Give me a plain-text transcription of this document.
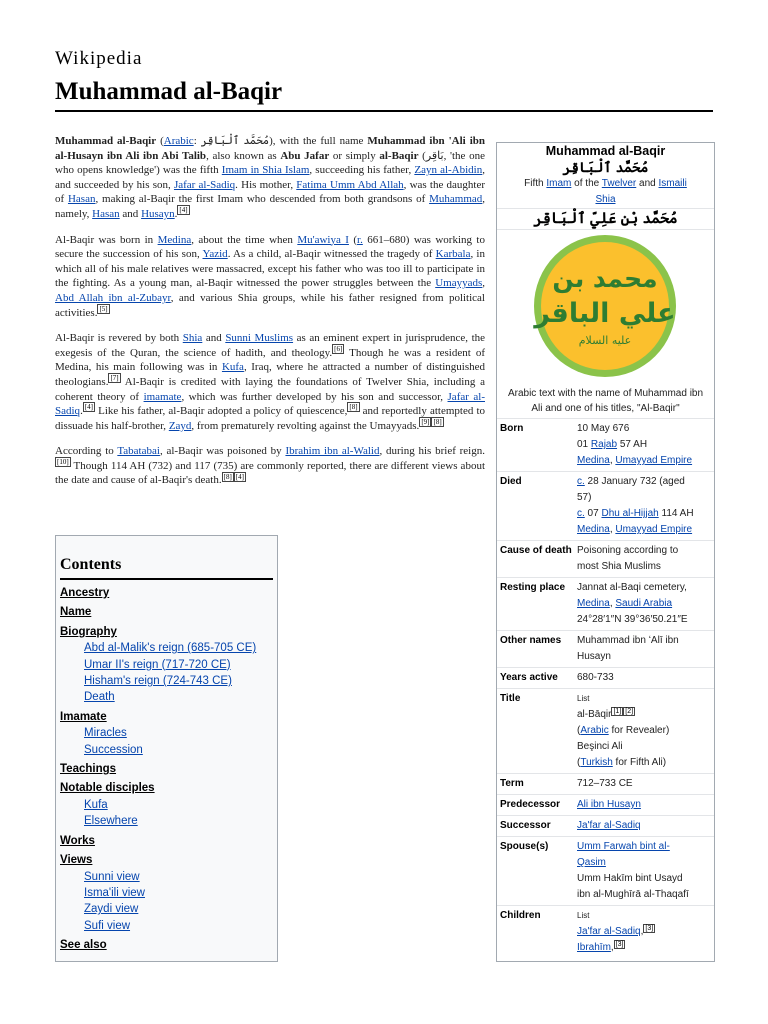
Wikipedia
Muhammad al-Baqir

Muhammad al-Baqir (Arabic: مُحَمَّد ٱلْبَاقِر), with the full name Muhammad ibn 'Ali ibn al-Husayn ibn Ali ibn Abi Talib, also known as Abu Jafar or simply al-Baqir (بَاقِر, 'the one who opens knowledge') was the fifth Imam in Shia Islam, succeeding his father, Zayn al-Abidin, and succeeded by his son, Jafar al-Sadiq. His mother, Fatima Umm Abd Allah, was the daughter of Hasan, making al-Baqir the first Imam who descended from both grandsons of Muhammad, namely, Hasan and Husayn. [4]

Al-Baqir was born in Medina, about the time when Mu'awiya I (r. 661–680) was working to secure the succession of his son, Yazid. As a child, al-Baqir witnessed the tragedy of Karbala, in which all of his male relatives were massacred, except his father who was too ill to participate in the fighting. As a young man, al-Baqir witnessed the power struggles between the Umayyads, Abd Allah ibn al-Zubayr, and various Shia groups, while his father resigned from political activities. [5]

Al-Baqir is revered by both Shia and Sunni Muslims as an eminent expert in jurisprudence, the exegesis of the Quran, the science of hadith, and theology. [6] Though he was a resident of Medina, his main following was in Kufa, Iraq, where he attracted a number of distinguished theologians. [7] Al-Baqir is credited with laying the foundations of Twelver Shia, including a coherent theory of imamate, which was further developed by his son and successor, Jafar al-Sadiq. [4] Like his father, al-Baqir adopted a policy of quiescence, [8] and reportedly attempted to dissuade his half-brother, Zayd, from prematurely revolting against the Umayyads. [9] [8]

According to Tabatabai, al-Baqir was poisoned by Ibrahim ibn al-Walid, during his brief reign.[10] Though 114 AH (732) and 117 (735) are commonly reported, there are different views about the date and cause of al-Baqir's death. [8] [4]

Contents
Ancestry
Name
Biography
Abd al-Malik's reign (685-705 CE)
Umar II's reign (717-720 CE)
Hisham's reign (724-743 CE)
Death
Imamate
Miracles
Succession
Teachings
Notable disciples
Kufa
Elsewhere
Works
Views
Sunni view
Isma'ili view
Zaydi view
Sufi view
See also
Muhammad al-Baqir
مُحَمَّد ٱلْبَاقِر
Fifth Imam of the Twelver and Ismaili
Shia
مُحَمَّد بْن عَلِيّ ٱلْبَاقِر
محمد بن
علي الباقر
عليه السلام
Arabic text with the name of Muhammad ibn Ali and one of his titles, "Al-Baqir"
Born	10 May 676
01 Rajab 57 AH
Medina, Umayyad Empire
Died	c. 28 January 732 (aged
57)
c. 07 Dhu al-Hijjah 114 AH
Medina, Umayyad Empire
Cause of death Poisoning according to
most Shia Muslims
Resting place	Jannat al-Baqi cemetery,
Medina, Saudi Arabia
24°28′1″N 39°36′50.21″E
Other names	Muhammad ibn ʻAlī ibn
Husayn
Years active	680-733
Title	List
al-Bāqir [1] [2]
(Arabic for Revealer)
Beşinci Ali
(Turkish for Fifth Ali)
Term	712–733 CE
Predecessor	Ali ibn Husayn
Successor	Ja'far al-Sadiq
Spouse(s)	Umm Farwah bint al-
Qasim
Umm Hakīm bint Usayd
ibn al-Mughīrā al-Thaqafī
Children	List
Ja'far al-Sadiq, [3]
Ibrahīm, [3]
